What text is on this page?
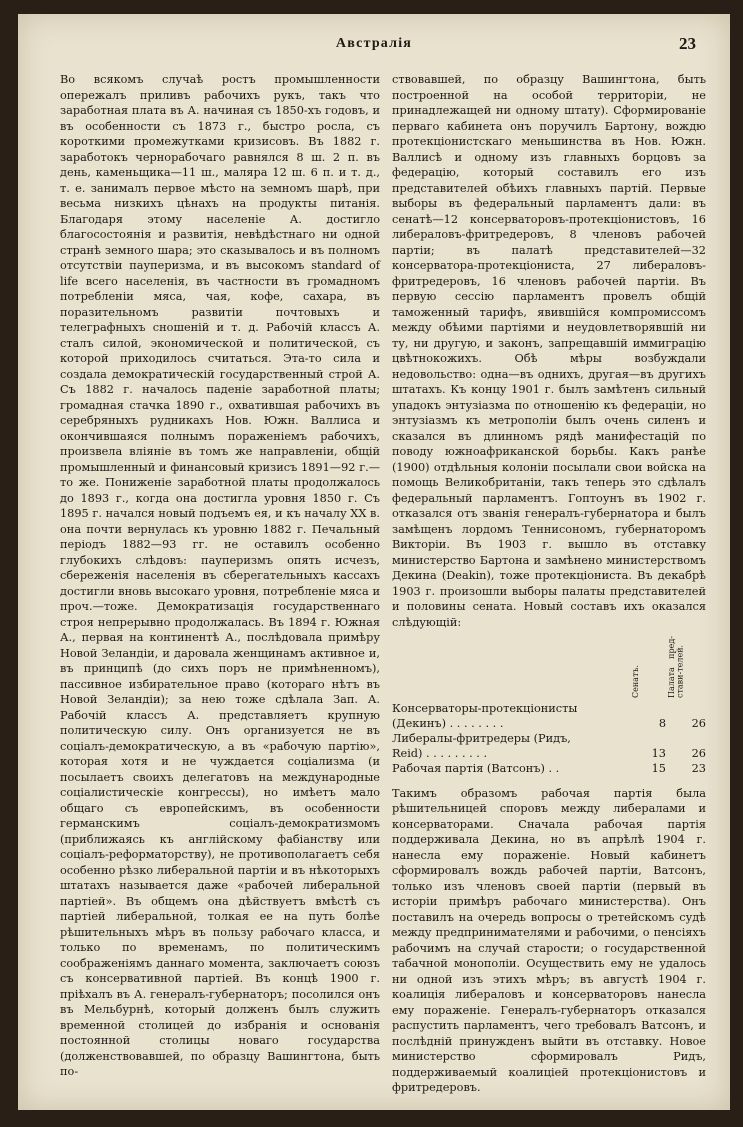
Австралія	23

Во всякомъ случаѣ ростъ промышленности опережалъ приливъ рабочихъ рукъ, такъ что заработная плата въ А. начиная съ 1850-хъ годовъ, и въ особенности съ 1873 г., быстро росла, съ короткими промежутками кризисовъ. Въ 1882 г. заработокъ чернорабочаго равнялся 8 ш. 2 п. въ день, каменьщика—11 ш., маляра 12 ш. 6 п. и т. д., т. е. занималъ первое мѣсто на земномъ шарѣ, при весьма низкихъ цѣнахъ на продукты питанія. Благодаря этому населеніе А. достигло благосостоянія и развитія, невѣдѣстнаго ни одной странѣ земного шара; это сказывалось и въ полномъ отсутствіи пауперизма, и въ высокомъ standard of life всего населенія, въ частности въ громадномъ потребленіи мяса, чая, кофе, сахара, въ поразительномъ развитіи почтовыхъ и телеграфныхъ сношеній и т. д. Рабочій классъ А. сталъ силой, экономической и политической, съ которой приходилось считаться. Эта-то сила и создала демократическій государственный строй А. Съ 1882 г. началось паденіе заработной платы; громадная стачка 1890 г., охватившая рабочихъ въ серебряныхъ рудникахъ Нов. Южн. Валлиса и окончившаяся полнымъ пораженіемъ рабочихъ, произвела вліяніе въ томъ же направленіи, общій промышленный и финансовый кризисъ 1891—92 г.—то же. Пониженіе заработной платы продолжалось до 1893 г., когда она достигла уровня 1850 г. Съ 1895 г. начался новый подъемъ ея, и къ началу XX в. она почти вернулась къ уровню 1882 г. Печальный періодъ 1882—93 гг. не оставилъ особенно глубокихъ слѣдовъ: пауперизмъ опять исчезъ, сбереженія населенія въ сберегательныхъ кассахъ достигли вновь высокаго уровня, потребленіе мяса и проч.—тоже. Демократизація государственнаго строя непрерывно продолжалась. Въ 1894 г. Южная А., первая на континентѣ А., послѣдовала примѣру Новой Зеландіи, и даровала женщинамъ активное и, въ принципѣ (до сихъ поръ не примѣненномъ), пассивное избирательное право (котораго нѣтъ въ Новой Зеландіи); за нею тоже сдѣлала Зап. А. Рабочій классъ А. представляетъ крупную политическую силу. Онъ организуется не въ соціалъ-демократическую, а въ «рабочую партію», которая хотя и не чуждается соціализма (и посылаетъ своихъ делегатовъ на международные соціалистическіе конгрессы), но имѣетъ мало общаго съ европейскимъ, въ особенности германскимъ соціалъ-демократизмомъ (приближаясь къ англійскому фабіанству или соціалъ-реформаторству), не противополагаетъ себя особенно рѣзко либеральной партіи и въ нѣкоторыхъ штатахъ называется даже «рабочей либеральной партіей». Въ общемъ она дѣйствуетъ вмѣстѣ съ партіей либеральной, толкая ее на путь болѣе рѣшительныхъ мѣръ въ пользу рабочаго класса, и только по временамъ, по политическимъ соображеніямъ даннаго момента, заключаетъ союзъ съ консервативной партіей. Въ концѣ 1900 г. пріѣхалъ въ А. генералъ-губернаторъ; посолился онъ въ Мельбурнѣ, который долженъ былъ служить временной столицей до избранія и основанія постоянной столицы новаго государства (долженствовавшей, по образцу Вашингтона, быть по-

ствовавшей, по образцу Вашингтона, быть построенной на особой территоріи, не принадлежащей ни одному штату). Сформированіе перваго кабинета онъ поручилъ Бартону, вождю протекціонистскаго меньшинства въ Нов. Южн. Валлисѣ и одному изъ главныхъ борцовъ за федерацію, который составилъ его изъ представителей обѣихъ главныхъ партій. Первые выборы въ федеральный парламентъ дали: въ сенатѣ—12 консерваторовъ-протекціонистовъ, 16 либераловъ-фритредеровъ, 8 членовъ рабочей партіи; въ палатѣ представителей—32 консерватора-протекціониста, 27 либераловъ-фритредеровъ, 16 членовъ рабочей партіи. Въ первую сессію парламентъ провелъ общій таможенный тарифъ, явившійся компромиссомъ между обѣими партіями и неудовлетворявшій ни ту, ни другую, и законъ, запрещавшій иммиграцію цвѣтнокожихъ. Обѣ мѣры возбуждали недовольство: одна—въ однихъ, другая—въ другихъ штатахъ. Къ концу 1901 г. былъ замѣтенъ сильный упадокъ энтузіазма по отношенію къ федераціи, но энтузіазмъ къ метрополіи былъ очень силенъ и сказался въ длинномъ рядѣ манифестацій по поводу южноафриканской борьбы. Какъ ранѣе (1900) отдѣльныя колоніи посылали свои войска на помощь Великобританіи, такъ теперь это сдѣлалъ федеральный парламентъ. Гоптоунъ въ 1902 г. отказался отъ званія генералъ-губернатора и былъ замѣщенъ лордомъ Теннисономъ, губернаторомъ Викторіи. Въ 1903 г. вышло въ отставку министерство Бартона и замѣнено министерствомъ Декина (Deakin), тоже протекціониста. Въ декабрѣ 1903 г. произошли выборы палаты представителей и половины сената. Новый составъ ихъ оказался слѣдующій:

	Сенатъ.	Палата пред-стави-телей.

Консерваторы-протекціонисты
(Декинъ) . . . . . . . .	8	26

Либералы-фритредеры (Ридъ,
Reid) . . . . . . . . .	13	26

Рабочая партія (Ватсонъ) . .	15	23

Такимъ образомъ рабочая партія была рѣшительницей споровъ между либералами и консерваторами. Сначала рабочая партія поддерживала Декина, но въ апрѣлѣ 1904 г. нанесла ему пораженіе. Новый кабинетъ сформировалъ вождь рабочей партіи, Ватсонъ, только изъ членовъ своей партіи (первый въ исторіи примѣръ рабочаго министерства). Онъ поставилъ на очередь вопросы о третейскомъ судѣ между предпринимателями и рабочими, о пенсіяхъ рабочимъ на случай старости; о государственной табачной монополіи. Осуществить ему не удалось ни одной изъ этихъ мѣръ; въ августѣ 1904 г. коалиція либераловъ и консерваторовъ нанесла ему пораженіе. Генералъ-губернаторъ отказался распустить парламентъ, чего требовалъ Ватсонъ, и послѣдній принужденъ выйти въ отставку. Новое министерство сформировалъ Ридъ, поддерживаемый коалиціей протекціонистовъ и фритредеровъ.
